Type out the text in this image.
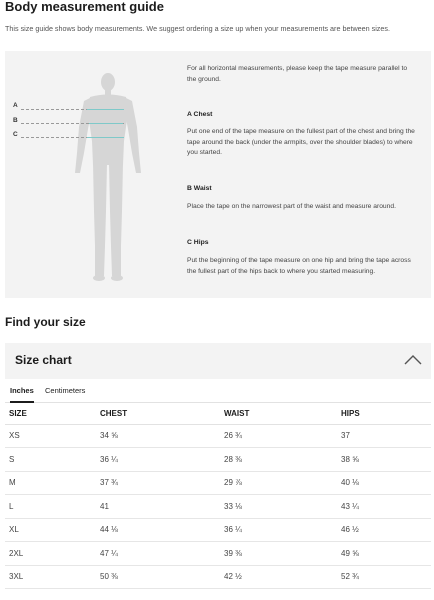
Body measurement guide
This size guide shows body measurements. We suggest ordering a size up when your measurements are between sizes.
A
B
C
For all horizontal measurements, please keep the tape measure parallel to the ground.
A Chest
Put one end of the tape measure on the fullest part of the chest and bring the tape around the back (under the armpits, over the shoulder blades) to where you started.
B Waist
Place the tape on the narrowest part of the waist and measure around.
C Hips
Put the beginning of the tape measure on one hip and bring the tape across the fullest part of the hips back to where you started measuring.
Find your size
Size chart
Inches Centimeters
SIZE	CHEST	WAIST	HIPS
XS	34 ⅝	26 ¾	37
S	36 ¼	28 ⅜	38 ⅝
M	37 ¾	29 ⅞	40 ⅛
L	41	33 ⅛	43 ¼
XL	44 ⅛	36 ¼	46 ½
2XL	47 ¼	39 ⅜	49 ⅝
3XL	50 ⅜	42 ½	52 ¾
